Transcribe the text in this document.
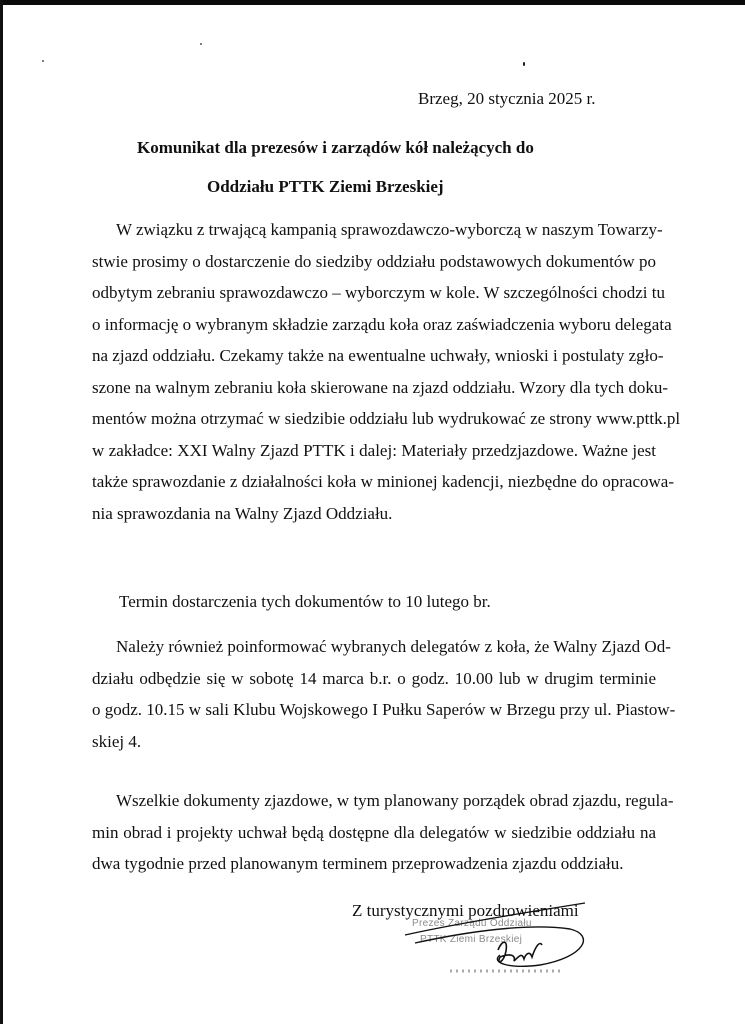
Brzeg, 20 stycznia 2025 r.
Komunikat dla prezesów i zarządów kół należących do
Oddziału PTTK Ziemi Brzeskiej
W związku z trwającą kampanią sprawozdawczo-wyborczą w naszym Towarzy-
stwie prosimy o dostarczenie do siedziby oddziału podstawowych dokumentów po
odbytym zebraniu sprawozdawczo – wyborczym w kole. W szczególności chodzi tu
o informację o wybranym składzie zarządu koła oraz zaświadczenia wyboru delegata
na zjazd oddziału. Czekamy także na ewentualne uchwały, wnioski i postulaty zgło-
szone na walnym zebraniu koła skierowane na zjazd oddziału. Wzory dla tych doku-
mentów można otrzymać w siedzibie oddziału lub wydrukować ze strony www.pttk.pl
w zakładce: XXI Walny Zjazd PTTK i dalej: Materiały przedzjazdowe. Ważne jest
także sprawozdanie z działalności koła w minionej kadencji, niezbędne do opracowa-
nia sprawozdania na Walny Zjazd Oddziału.
Termin dostarczenia tych dokumentów to 10 lutego br.
Należy również poinformować wybranych delegatów z koła, że Walny Zjazd Od-
działu odbędzie się w sobotę 14 marca b.r. o godz. 10.00 lub w drugim terminie
o godz. 10.15 w sali Klubu Wojskowego I Pułku Saperów w Brzegu przy ul. Piastow-
skiej 4.
Wszelkie dokumenty zjazdowe, w tym planowany porządek obrad zjazdu, regula-
min obrad i projekty uchwał będą dostępne dla delegatów w siedzibie oddziału na
dwa tygodnie przed planowanym terminem przeprowadzenia zjazdu oddziału.
Z turystycznymi pozdrowieniami
Prezes Zarządu Oddziału
PTTK Ziemi Brzeskiej
